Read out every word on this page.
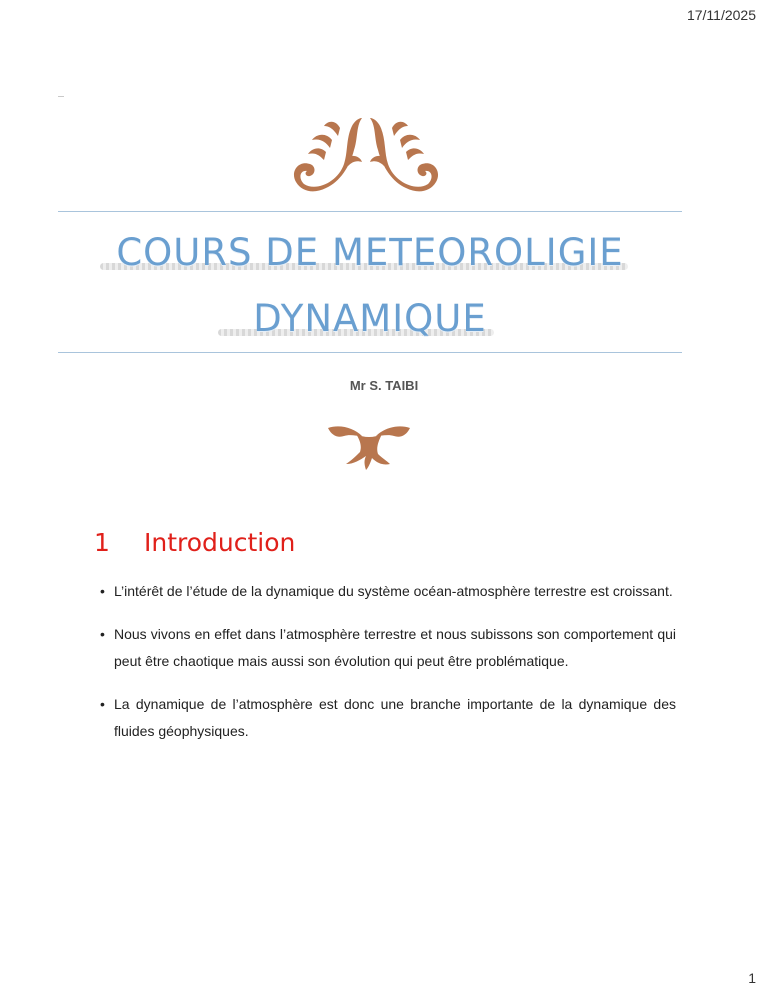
17/11/2025
COURS DE METEOROLIGIE
DYNAMIQUE
Mr S. TAIBI
1 Introduction
• L’intérêt de l’étude de la dynamique du système océan-atmosphère terrestre est croissant.
• Nous vivons en effet dans l’atmosphère terrestre et nous subissons son comportement qui peut être chaotique mais aussi son évolution qui peut être problématique.
• La dynamique de l’atmosphère est donc une branche importante de la dynamique des fluides géophysiques.
1
